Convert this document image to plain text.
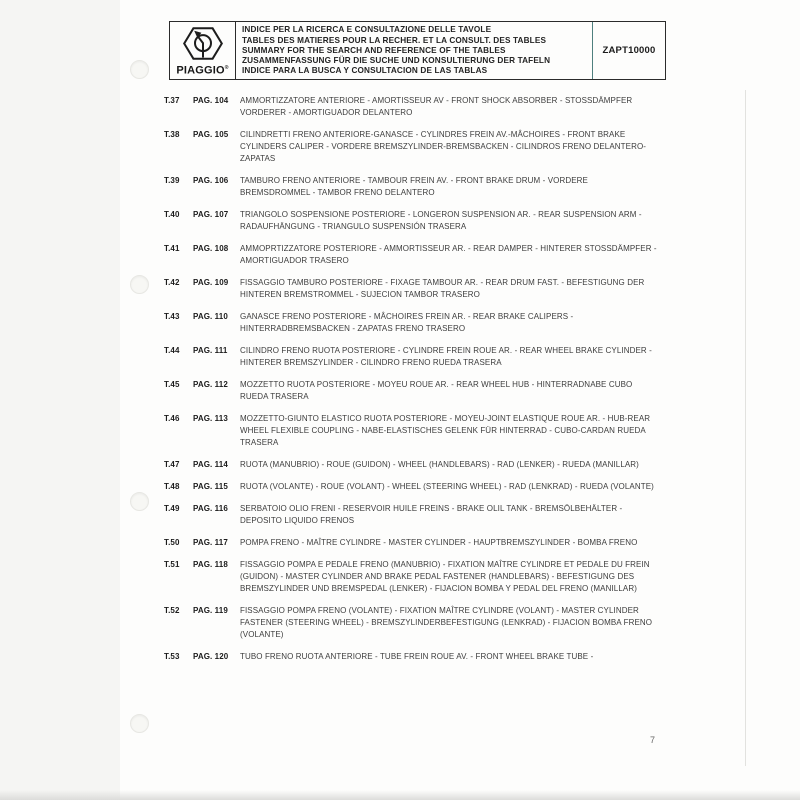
PIAGGIO®
INDICE PER LA RICERCA E CONSULTAZIONE DELLE TAVOLE
TABLES DES MATIERES POUR LA RECHER. ET LA CONSULT. DES TABLES
SUMMARY FOR THE SEARCH AND REFERENCE OF THE TABLES
ZUSAMMENFASSUNG FÜR DIE SUCHE UND KONSULTIERUNG DER TAFELN
INDICE PARA LA BUSCA Y CONSULTACION DE LAS TABLAS
ZAPT10000
T.37	PAG. 104	AMMORTIZZATORE ANTERIORE - AMORTISSEUR AV - FRONT SHOCK ABSORBER - STOSSDÄMPFER VORDERER - AMORTIGUADOR DELANTERO
T.38	PAG. 105	CILINDRETTI FRENO ANTERIORE-GANASCE - CYLINDRES FREIN AV.-MÂCHOIRES - FRONT BRAKE CYLINDERS CALIPER - VORDERE BREMSZYLINDER-BREMSBACKEN - CILINDROS FRENO DELANTERO-ZAPATAS
T.39	PAG. 106	TAMBURO FRENO ANTERIORE - TAMBOUR FREIN AV. - FRONT BRAKE DRUM - VORDERE BREMSDROMMEL - TAMBOR FRENO DELANTERO
T.40	PAG. 107	TRIANGOLO SOSPENSIONE POSTERIORE - LONGERON SUSPENSION AR. - REAR SUSPENSION ARM - RADAUFHÄNGUNG - TRIANGULO SUSPENSIÓN TRASERA
T.41	PAG. 108	AMMOPRTIZZATORE POSTERIORE - AMMORTISSEUR AR. - REAR DAMPER - HINTERER STOSSDÄMPFER - AMORTIGUADOR TRASERO
T.42	PAG. 109	FISSAGGIO TAMBURO POSTERIORE - FIXAGE TAMBOUR AR. - REAR DRUM FAST. - BEFESTIGUNG DER HINTEREN BREMSTROMMEL - SUJECION TAMBOR TRASERO
T.43	PAG. 110	GANASCE FRENO POSTERIORE - MÂCHOIRES FREIN AR. - REAR BRAKE CALIPERS - HINTERRADBREMSBACKEN - ZAPATAS FRENO TRASERO
T.44	PAG. 111	CILINDRO FRENO RUOTA POSTERIORE - CYLINDRE FREIN ROUE AR. - REAR WHEEL BRAKE CYLINDER - HINTERER BREMSZYLINDER - CILINDRO FRENO RUEDA TRASERA
T.45	PAG. 112	MOZZETTO RUOTA POSTERIORE - MOYEU ROUE AR. - REAR WHEEL HUB - HINTERRADNABE CUBO RUEDA TRASERA
T.46	PAG. 113	MOZZETTO-GIUNTO ELASTICO RUOTA POSTERIORE - MOYEU-JOINT ELASTIQUE ROUE AR. - HUB-REAR WHEEL FLEXIBLE COUPLING - NABE-ELASTISCHES GELENK FÜR HINTERRAD - CUBO-CARDAN RUEDA TRASERA
T.47	PAG. 114	RUOTA (MANUBRIO) - ROUE (GUIDON) - WHEEL (HANDLEBARS) - RAD (LENKER) - RUEDA (MANILLAR)
T.48	PAG. 115	RUOTA (VOLANTE) - ROUE (VOLANT) - WHEEL (STEERING WHEEL) - RAD (LENKRAD) - RUEDA (VOLANTE)
T.49	PAG. 116	SERBATOIO OLIO FRENI - RESERVOIR HUILE FREINS - BRAKE OLIL TANK - BREMSÖLBEHÄLTER - DEPOSITO LIQUIDO FRENOS
T.50	PAG. 117	POMPA FRENO - MAÎTRE CYLINDRE - MASTER CYLINDER - HAUPTBREMSZYLINDER - BOMBA FRENO
T.51	PAG. 118	FISSAGGIO POMPA E PEDALE FRENO (MANUBRIO) - FIXATION MAÎTRE CYLINDRE ET PEDALE DU FREIN (GUIDON) - MASTER CYLINDER AND BRAKE PEDAL FASTENER (HANDLEBARS) - BEFESTIGUNG DES BREMSZYLINDER UND BREMSPEDAL (LENKER) - FIJACION BOMBA Y PEDAL DEL FRENO (MANILLAR)
T.52	PAG. 119	FISSAGGIO POMPA FRENO (VOLANTE) - FIXATION MAÎTRE CYLINDRE (VOLANT) - MASTER CYLINDER FASTENER (STEERING WHEEL) - BREMSZYLINDERBEFESTIGUNG (LENKRAD) - FIJACION BOMBA FRENO (VOLANTE)
T.53	PAG. 120	TUBO FRENO RUOTA ANTERIORE - TUBE FREIN ROUE AV. - FRONT WHEEL BRAKE TUBE -
7
